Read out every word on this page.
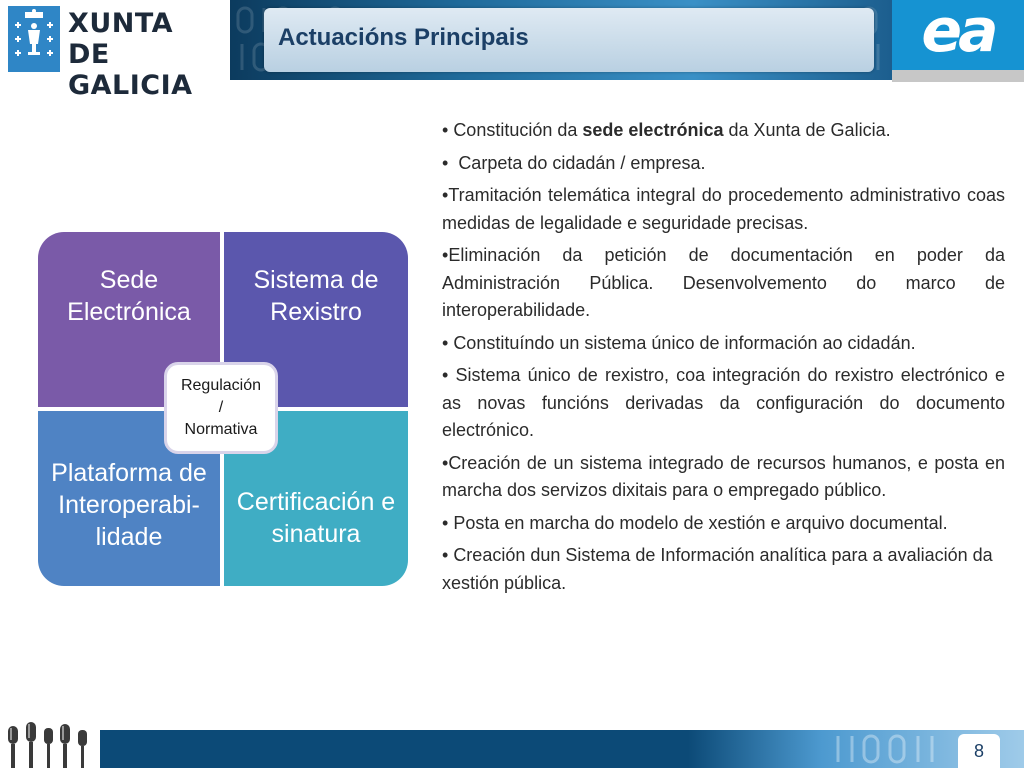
XUNTA
DE GALICIA
Actuacións Principais	ea
Sede Electrónica
Sistema de Rexistro
Plataforma de Interoperabi-lidade
Certificación e sinatura
Regulación
/
Normativa

• Constitución da sede electrónica da Xunta de Galicia.

•  Carpeta do cidadán / empresa.

•Tramitación telemática integral do procedemento administrativo coas medidas de legalidade e seguridade precisas.

•Eliminación da petición de documentación en poder da Administración Pública. Desenvolvemento do marco de interoperabilidade.

• Constituíndo un sistema único de información ao cidadán.

• Sistema único de rexistro, coa integración do rexistro electrónico e as novas funcións derivadas da configuración do documento electrónico.

•Creación de un sistema integrado de recursos humanos, e posta en marcha dos servizos dixitais para o empregado público.

• Posta en marcha do modelo de xestión e arquivo documental.

• Creación dun Sistema de Información analítica para a avaliación da xestión pública.

8
